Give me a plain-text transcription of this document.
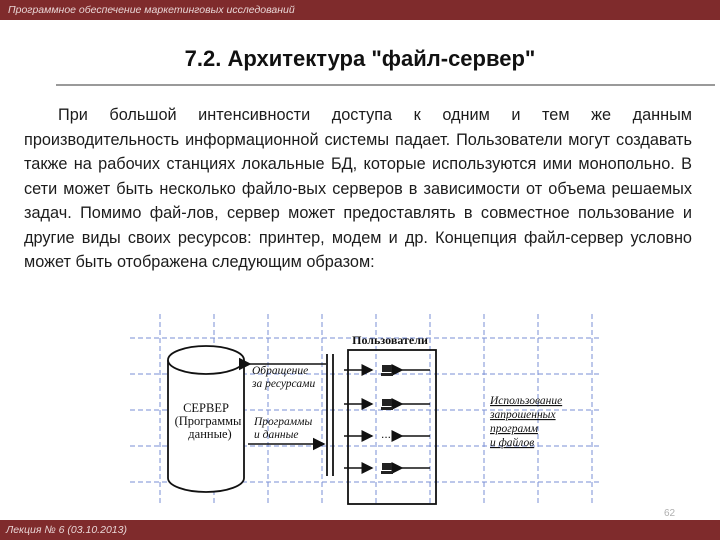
Программное обеспечение маркетинговых исследований
7.2. Архитектура "файл-сервер"
При большой интенсивности доступа к одним и тем же данным производительность информационной системы падает. Пользователи могут создавать также на рабочих станциях локальные БД, которые используются ими монопольно. В сети может быть несколько файло-вых серверов в зависимости от объема решаемых задач. Помимо фай-лов, сервер может предоставлять в совместное пользование и другие виды своих ресурсов: принтер, модем и др. Концепция файл-сервер условно может быть отображена следующим образом:
СЕРВЕР
(Программы
данные)
Обращение
за ресурсами
Программы
и данные
Пользователи
...
Использование
запрошенных
программ
и файлов
62
Лекция № 6 (03.10.2013)
